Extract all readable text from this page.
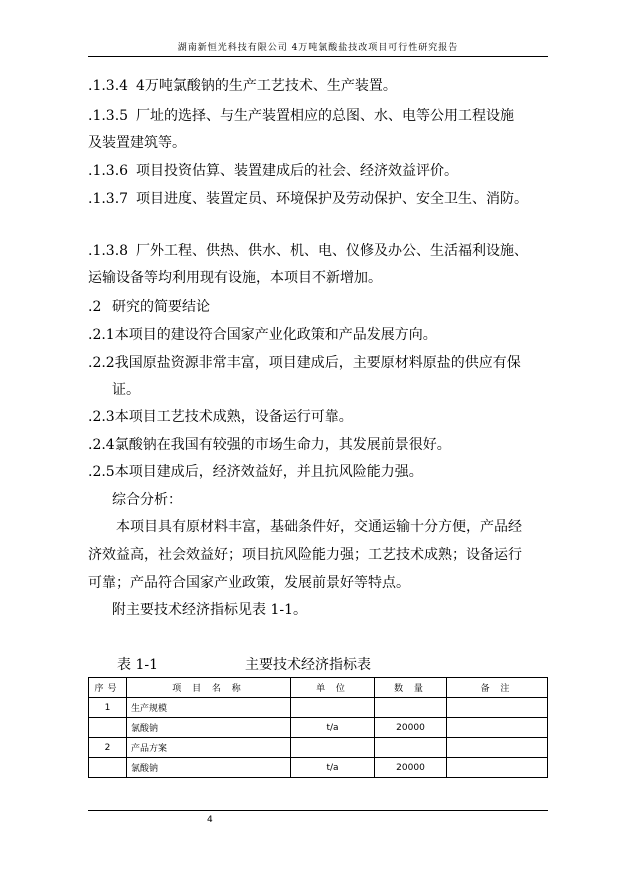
湖南新恒光科技有限公司 4万吨氯酸盐技改项目可行性研究报告
.1.3.4 4万吨氯酸钠的生产工艺技术、生产装置。
.1.3.5 厂址的选择、与生产装置相应的总图、水、电等公用工程设施
及装置建筑等。
.1.3.6 项目投资估算、装置建成后的社会、经济效益评价。
.1.3.7 项目进度、装置定员、环境保护及劳动保护、安全卫生、消防。
.1.3.8 厂外工程、供热、供水、机、电、仪修及办公、生活福利设施、
运输设备等均利用现有设施，本项目不新增加。
.2 研究的简要结论
.2.1本项目的建设符合国家产业化政策和产品发展方向。
.2.2我国原盐资源非常丰富，项目建成后，主要原材料原盐的供应有保
证。
.2.3本项目工艺技术成熟，设备运行可靠。
.2.4氯酸钠在我国有较强的市场生命力，其发展前景很好。
.2.5本项目建成后，经济效益好，并且抗风险能力强。
综合分析：
本项目具有原材料丰富，基础条件好，交通运输十分方便，产品经
济效益高，社会效益好；项目抗风险能力强；工艺技术成熟；设备运行
可靠；产品符合国家产业政策，发展前景好等特点。
附主要技术经济指标见表 1-1。
表 1-1	主要技术经济指标表
序号	项 目 名 称	单 位	数 量	备 注
1	生产规模			
	氯酸钠	t/a	20000	
2	产品方案			
	氯酸钠	t/a	20000	
4
